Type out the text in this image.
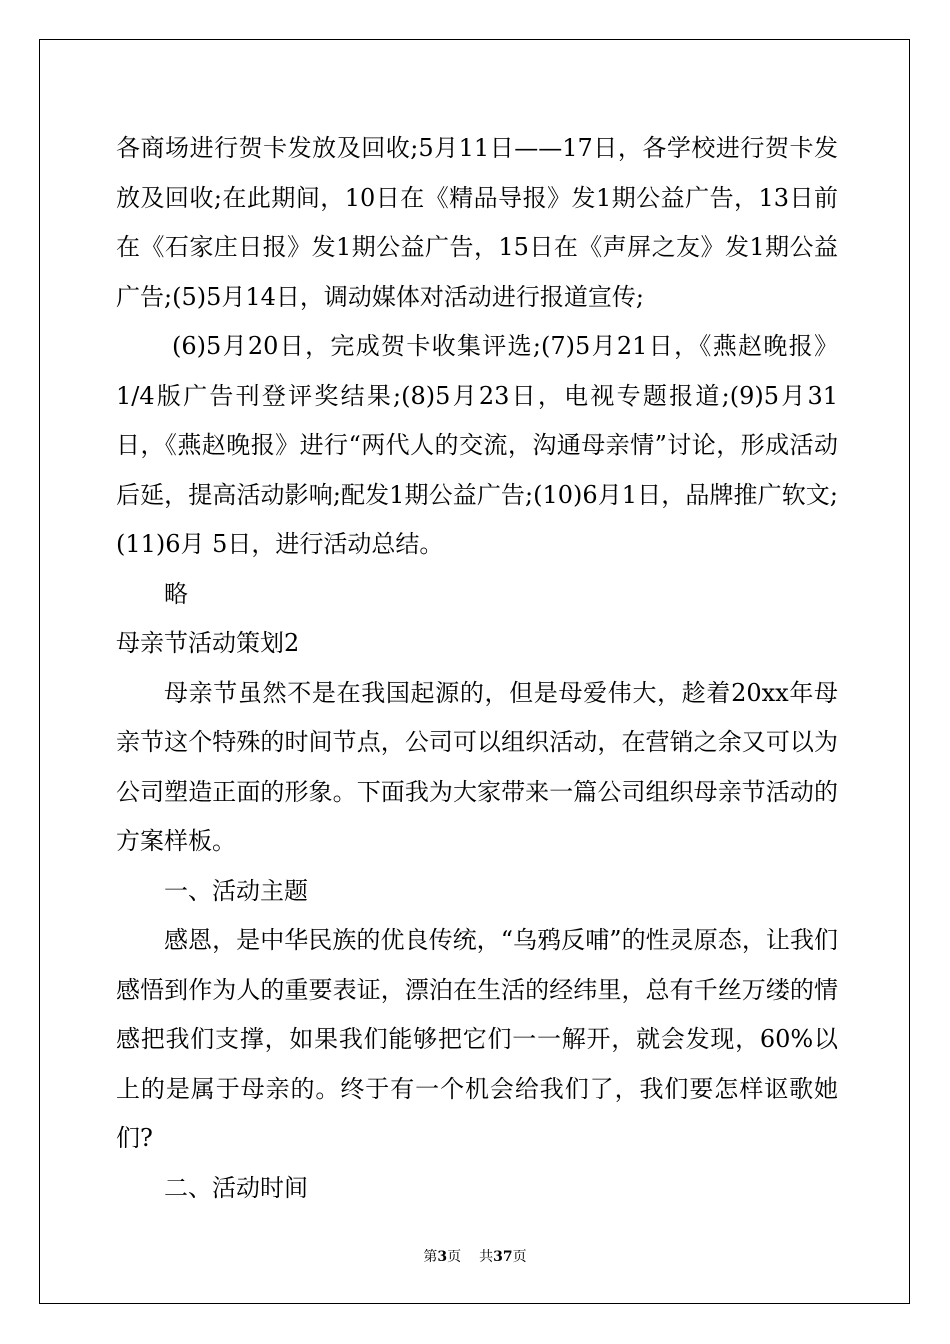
各商场进行贺卡发放及回收;5月11日——17日，各学校进行贺卡发放及回收;在此期间，10日在《精品导报》发1期公益广告，13日前在《石家庄日报》发1期公益广告，15日在《声屏之友》发1期公益广告;(5)5月14日，调动媒体对活动进行报道宣传;

(6)5月20日，完成贺卡收集评选;(7)5月21日，《燕赵晚报》1/4版广告刊登评奖结果;(8)5月23日，电视专题报道;(9)5月31 日，《燕赵晚报》进行“两代人的交流，沟通母亲情”讨论，形成活动后延，提高活动影响;配发1期公益广告;(10)6月1日，品牌推广软文;(11)6月 5日，进行活动总结。

略

母亲节活动策划2

母亲节虽然不是在我国起源的，但是母爱伟大，趁着20xx年母亲节这个特殊的时间节点，公司可以组织活动，在营销之余又可以为公司塑造正面的形象。下面我为大家带来一篇公司组织母亲节活动的方案样板。

一、活动主题

感恩，是中华民族的优良传统，“乌鸦反哺”的性灵原态，让我们感悟到作为人的重要表证，漂泊在生活的经纬里，总有千丝万缕的情感把我们支撑，如果我们能够把它们一一解开，就会发现，60%以上的是属于母亲的。终于有一个机会给我们了，我们要怎样讴歌她们?

二、活动时间

第3页 共37页
